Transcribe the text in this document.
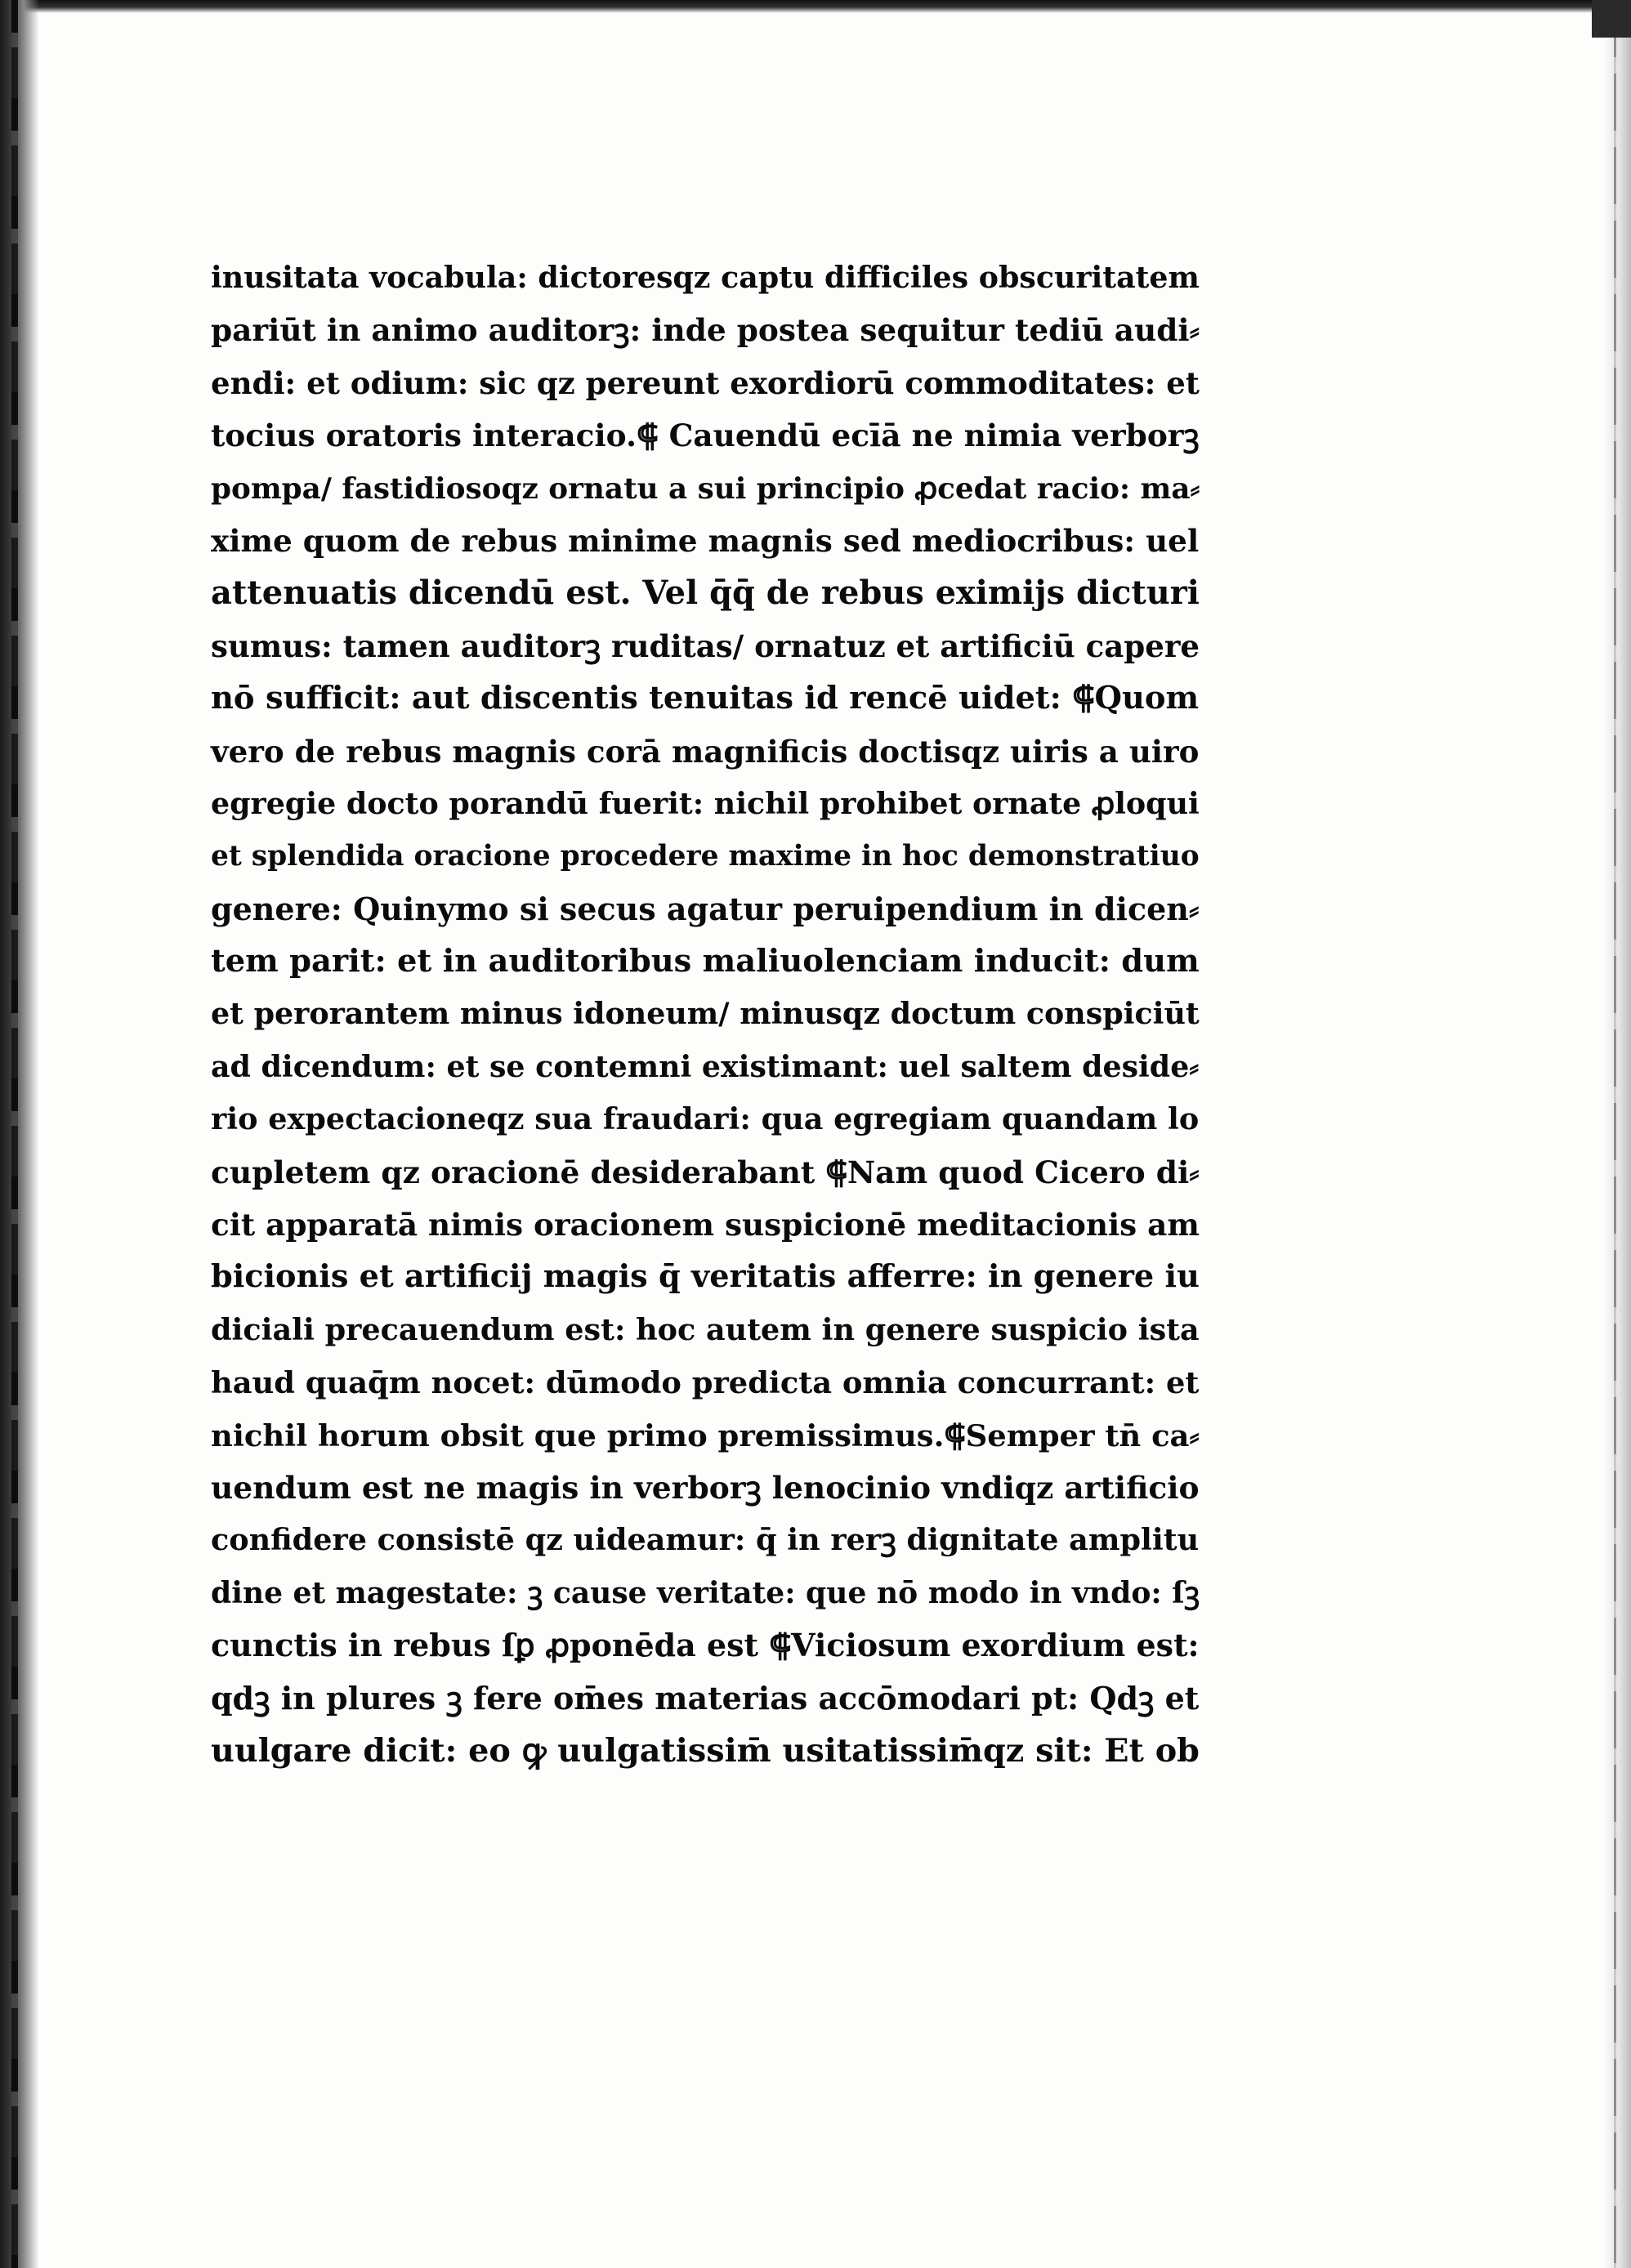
inusitata vocabula: dictoresqz captu difficiles obscuritatem
pariūt in animo auditorꝫ: inde postea sequitur tediū audi⸗
endi: et odium: sic qz pereunt exordiorū commoditates: et
tocius oratoris interacio.⸿ Cauendū ecīā ne nimia verborꝫ
pompa/ fastidiosoqz ornatu a sui principio ꝓcedat racio: ma⸗
xime quom de rebus minime magnis sed mediocribus: uel
attenuatis dicendū est. Vel q̄q̄ de rebus eximijs dicturi
sumus: tamen auditorꝫ ruditas/ ornatuz et artificiū capere
nō sufficit: aut discentis tenuitas id rencē uidet: ⸿Quom
vero de rebus magnis corā magnificis doctisqz uiris a uiro
egregie docto porandū fuerit: nichil prohibet ornate ꝓloqui
et splendida oracione procedere maxime in hoc demonstratiuo
genere: Quinymo si secus agatur peruipendium in dicen⸗
tem parit: et in auditoribus maliuolenciam inducit: dum
et perorantem minus idoneum/ minusqz doctum conspiciūt
ad dicendum: et se contemni existimant: uel saltem deside⸗
rio expectacioneqz sua fraudari: qua egregiam quandam lo
cupletem qz oracionē desiderabant ⸿Nam quod Cicero di⸗
cit apparatā nimis oracionem suspicionē meditacionis am
bicionis et artificij magis q̄ veritatis afferre: in genere iu
diciali precauendum est: hoc autem in genere suspicio ista
haud quaq̄m nocet: dūmodo predicta omnia concurrant: et
nichil horum obsit que primo premissimus.⸿Semper tn̄ ca⸗
uendum est ne magis in verborꝫ lenocinio vndiqz artificio
confidere consistē qz uideamur: q̄ in rerꝫ dignitate amplitu
dine et magestate: ꝫ cause veritate: que nō modo in vndo: ſꝫ
cunctis in rebus ſꝑ ꝓponēda est ⸿Viciosum exordium est:
qdꝫ in plures ꝫ fere om̄es materias accōmodari pt: Qdꝫ et
uulgare dicit: eo ꝙ uulgatissim̄ usitatissim̄qz sit: Et ob
